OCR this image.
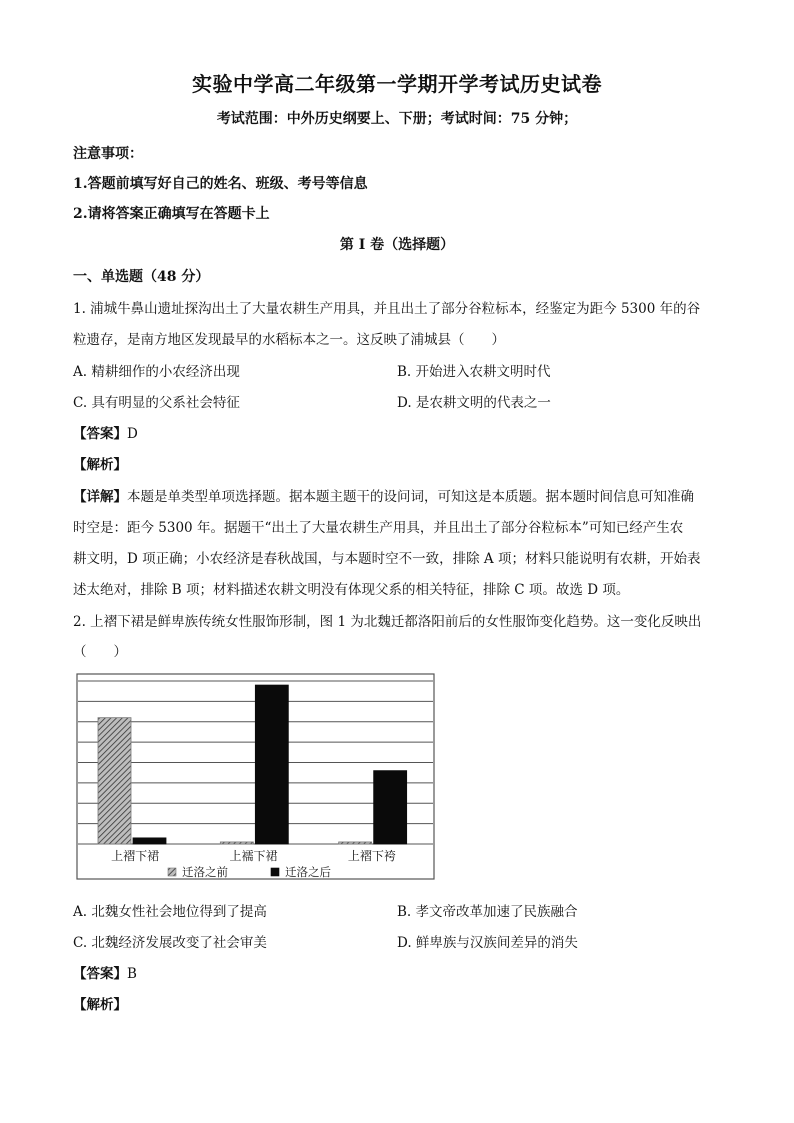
实验中学高二年级第一学期开学考试历史试卷
考试范围：中外历史纲要上、下册；考试时间：75 分钟；
注意事项：
1.答题前填写好自己的姓名、班级、考号等信息
2.请将答案正确填写在答题卡上
第 I 卷（选择题）
一、单选题（48 分）
1. 浦城牛鼻山遗址探沟出土了大量农耕生产用具，并且出土了部分谷粒标本，经鉴定为距今 5300 年的谷
粒遗存，是南方地区发现最早的水稻标本之一。这反映了浦城县（　　）
A. 精耕细作的小农经济出现	B. 开始进入农耕文明时代
C. 具有明显的父系社会特征	D. 是农耕文明的代表之一
【答案】D
【解析】
【详解】本题是单类型单项选择题。据本题主题干的设问词，可知这是本质题。据本题时间信息可知准确
时空是：距今 5300 年。据题干“出土了大量农耕生产用具，并且出土了部分谷粒标本”可知已经产生农
耕文明，D 项正确；小农经济是春秋战国，与本题时空不一致，排除 A 项；材料只能说明有农耕，开始表
述太绝对，排除 B 项；材料描述农耕文明没有体现父系的相关特征，排除 C 项。故选 D 项。
2. 上褶下裙是鲜卑族传统女性服饰形制，图 1 为北魏迁都洛阳前后的女性服饰变化趋势。这一变化反映出
（　　）
上褶下裙	上襦下裙	上褶下袴
迁洛之前	迁洛之后
A. 北魏女性社会地位得到了提高	B. 孝文帝改革加速了民族融合
C. 北魏经济发展改变了社会审美	D. 鲜卑族与汉族间差异的消失
【答案】B
【解析】
